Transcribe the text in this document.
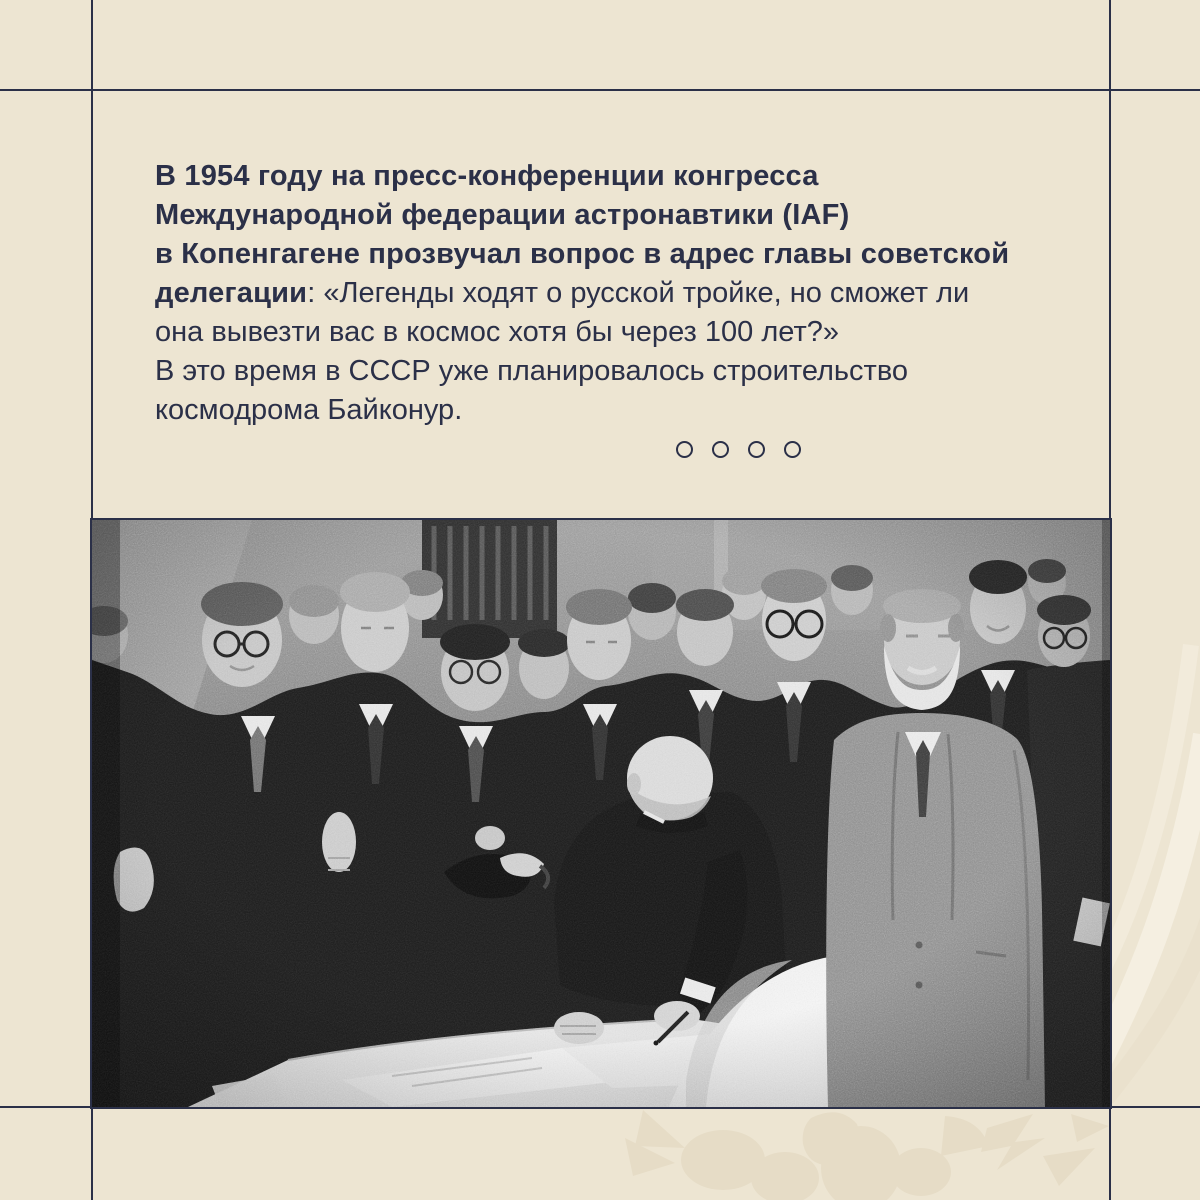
В 1954 году на пресс-конференции конгресса
Международной федерации астронавтики (IAF)
в Копенгагене прозвучал вопрос в адрес главы советской
делегации: «Легенды ходят о русской тройке, но сможет ли
она вывезти вас в космос хотя бы через 100 лет?»
В это время в СССР уже планировалось строительство
космодрома Байконур.
